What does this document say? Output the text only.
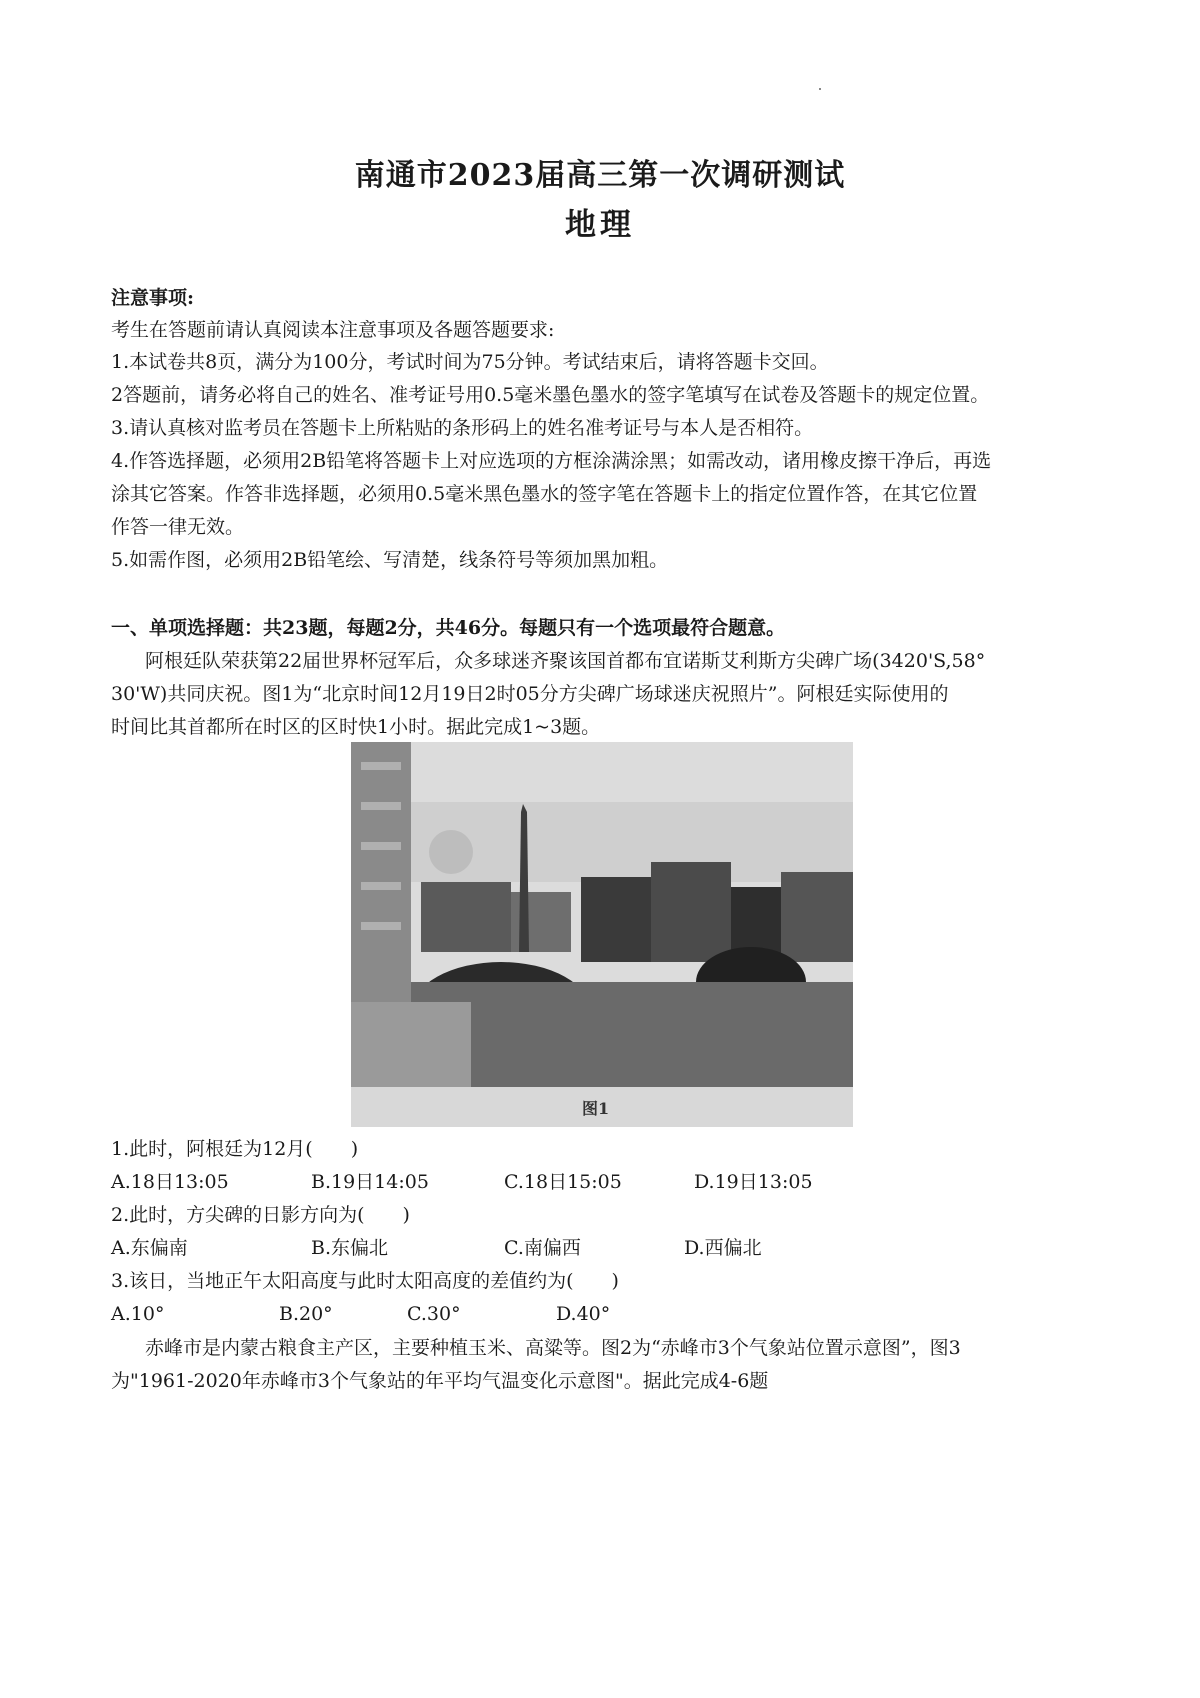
南通市2023届高三第一次调研测试
地理
注意事项:
考生在答题前请认真阅读本注意事项及各题答题要求:
1.本试卷共8页，满分为100分，考试时间为75分钟。考试结束后，请将答题卡交回。
2答题前，请务必将自己的姓名、准考证号用0.5毫米墨色墨水的签字笔填写在试卷及答题卡的规定位置。
3.请认真核对监考员在答题卡上所粘贴的条形码上的姓名准考证号与本人是否相符。
4.作答选择题，必须用2B铅笔将答题卡上对应选项的方框涂满涂黑；如需改动，诸用橡皮擦干净后，再选
涂其它答案。作答非选择题，必须用0.5毫米黑色墨水的签字笔在答题卡上的指定位置作答，在其它位置
作答一律无效。
5.如需作图，必须用2B铅笔绘、写清楚，线条符号等须加黑加粗。
一、单项选择题：共23题，每题2分，共46分。每题只有一个选项最符合题意。
阿根廷队荣获第22届世界杯冠军后，众多球迷齐聚该国首都布宜诺斯艾利斯方尖碑广场(3420'S,58°
30'W)共同庆祝。图1为“北京时间12月19日2时05分方尖碑广场球迷庆祝照片”。阿根廷实际使用的
时间比其首都所在时区的区时快1小时。据此完成1~3题。
图1
1.此时，阿根廷为12月(　　)
A.18日13:05	B.19日14:05	C.18日15:05	D.19日13:05
2.此时，方尖碑的日影方向为(　　)
A.东偏南	B.东偏北	C.南偏西	D.西偏北
3.该日，当地正午太阳高度与此时太阳高度的差值约为(　　)
A.10°	B.20°	C.30°	D.40°
赤峰市是内蒙古粮食主产区，主要种植玉米、高粱等。图2为“赤峰市3个气象站位置示意图”，图3
为"1961-2020年赤峰市3个气象站的年平均气温变化示意图"。据此完成4-6题
